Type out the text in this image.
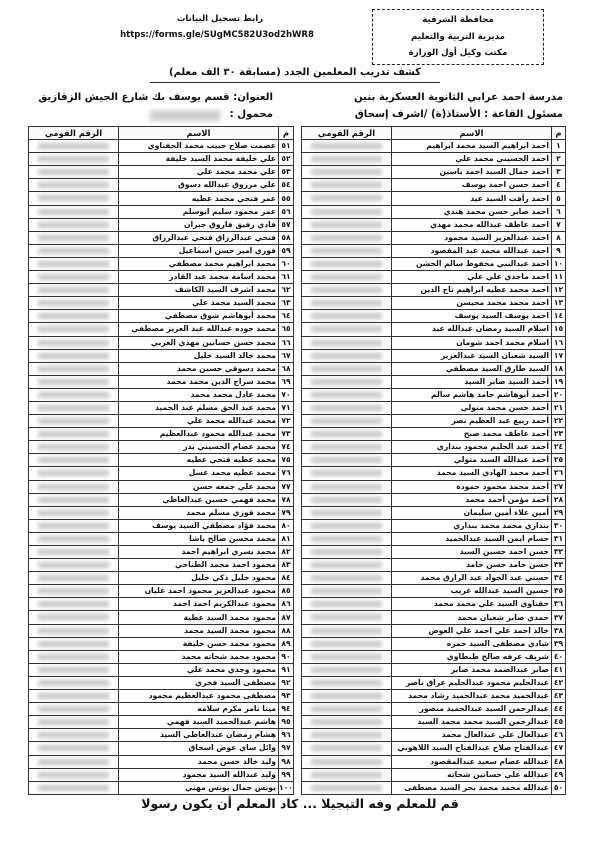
محافظة الشرقية
مديرية التربية والتعليم
مكتب وكيل أول الوزارة
رابط تسجيل البيانات
https://forms.gle/SUgMC582U3od2hWR8
كشف تدريب المعلمين الجدد (مسابقة ٣٠ الف معلم)
مدرسة احمد عرابي الثانوية العسكرية بنين
مسئول القاعة : الأستاذ(ة) /اشرف إسحاق
العنوان: قسم يوسف بك شارع الجيش الزقازيق
محمول :
م	الاسم	الرقم القومي
١	احمد ابراهيم السيد محمد ابراهيم	

٢	احمد الحسيني محمد علي	

٣	احمد جمال السيد احمد ياسين	

٤	احمد حسن احمد يوسف	

٥	احمد رأفت السيد عيد	

٦	احمد صابر حسن محمد هندي	

٧	احمد عاطف عبدالله محمد مهدي	

٨	احمد عبدالعزيز السيد محمود	

٩	احمد عبدالله محمد عبد المقصود	

١٠	احمد عبدالنبي محفوظ سالم الخشن	

١١	احمد ماجدي علي علي	

١٢	احمد محمد عطيه ابراهيم تاج الدين	

١٣	احمد محمد محمد محيسن	

١٤	احمد يوسف السيد يوسف	

١٥	اسلام السيد رمضان عبدالله عيد	

١٦	اسلام محمد احمد شومان	

١٧	السيد شعبان السيد عبدالعزيز	

١٨	السيد طارق السيد مصطفي	

١٩	أحمد السيد صابر السيد	

٢٠	أحمد أبوهاشم حامد هاشم سالم	

٢١	أحمد حسن محمد متولي	

٢٢	أحمد ربيع عبد العظيم نصر	

٢٣	أحمد عاطف محمد صبح	

٢٤	أحمد عبد الحليم محمود بنداري	

٢٥	أحمد عبدالله السيد متولي	

٢٦	أحمد محمد الهادي السيد محمد	

٢٧	أحمد محمد محمود حمودة	

٢٨	أحمد مؤمن أحمد محمد	

٢٩	أمين علاء أمين سليمان	

٣٠	بنداري محمد محمد بنداري	

٣١	حسام ايمن السيد عبدالحميد	

٣٢	حسن احمد حسين السيد	

٣٣	حسن حامد حسن حامد	

٣٤	حسني عبد الجواد عبد الرازق محمد	

٣٥	حسين السيد عبدالله غريب	

٣٦	حفناوي السيد علي محمد محمد	

٣٧	حمدي صابر شعبان محمد	

٣٨	خالد احمد علي احمد علي العوض	

٣٩	شادي مصطفى السيد حمزه	

٤٠	شريف عرفه صالح طنطاوي	

٤١	صابر عبدالصمد محمد صابر	

٤٢	عبدالحليم محمود عبدالحليم عراق ناصر	

٤٣	عبدالحميد محمد عبدالحميد رشاد محمد	

٤٤	عبدالرحمن السيد عبدالحميد منصور	

٤٥	عبدالرحمن السيد محمد محمد السيد	

٤٦	عبدالعال علي عبدالعال محمد	

٤٧	عبدالفتاح صلاح عبدالفتاح السيد اللاهوني	

٤٨	عبدالله عصام سعيد عبدالمقصود	

٤٩	عبدالله علي حسانين شحاته	

٥٠	عبدالله محمد محمد بحر السيد مصطفى	
م	الاسم	الرقم القومي
٥١	عصمت صلاح حبيب محمد الحفناوي	

٥٢	علي خليفة محمد السيد خليفة	

٥٣	علي محمد محمد علي	

٥٤	علي مرزوق عبدالله دسوق	

٥٥	عمر فتحي محمد عطيه	

٥٦	عمر محمود سليم ابوسلم	

٥٧	فادي رفيق فاروق جيران	

٥٨	فتحي عبدالرزاق فتحي عبدالرزاق	

٥٩	فوزي امير حسن اسماعيل	

٦٠	محمد ابراهيم محمد مصطفي	

٦١	محمد اسامة محمد عبد القادر	

٦٢	محمد اشرف السيد الكاشف	

٦٣	محمد السيد محمد علي	

٦٤	محمد أبوهاشم شوق مصطفي	

٦٥	محمد جوده عبدالله عبد العزيز مصطفي	

٦٦	محمد حسن حسانين مهدي العربي	

٦٧	محمد خالد السيد خليل	

٦٨	محمد دسوقي حسين محمد	

٦٩	محمد سراج الدين محمد محمد	

٧٠	محمد عادل محمد محمد	

٧١	محمد عبد الحق مسلم عبد الحميد	

٧٢	محمد عبدالله محمد علي	

٧٣	محمد عبدالله محمود عبدالعظيم	

٧٤	محمد عصام الحسيني بدر	

٧٥	محمد عطيه فتحي عطيه	

٧٦	محمد عطيه محمد عسل	

٧٧	محمد علي جمعه حسن	

٧٨	محمد فهمي حسين عبدالعاطي	

٧٩	محمد فوزي مسلم محمد	

٨٠	محمد فؤاد مصطفي السيد يوسف	

٨١	محمد محسن صالح باشا	

٨٢	محمد يسري ابراهيم احمد	

٨٣	محمود احمد محمد الطناحي	

٨٤	محمود خليل ذكي خليل	

٨٥	محمود عبدالعزيز محمود احمد عليان	

٨٦	محمود عبدالكريم احمد احمد	

٨٧	محمود محمد السيد عطية	

٨٨	محمود محمد السيد محمد	

٨٩	محمود محمد حسن خليفة	

٩٠	محمود محمد شحاته محمد	

٩١	محمود وجدي محمد علي	

٩٢	مصطفى السيد فخري	

٩٣	مصطفى محمود عبدالعظيم محمود	

٩٤	مينا تامر مكرم سلامه	

٩٥	هاشم عبدالحميد السيد فهمي	

٩٦	هشام رمضان عبدالعاطي السيد	

٩٧	وائل ساي عوض اسحاق	

٩٨	وليد خالد حسن محمد	

٩٩	وليد عبدالله السيد محمود	

١٠٠	يونس جمال يونس مهني	
قم للمعلم وفه التبجيلا ... كاد المعلم أن يكون رسولا
